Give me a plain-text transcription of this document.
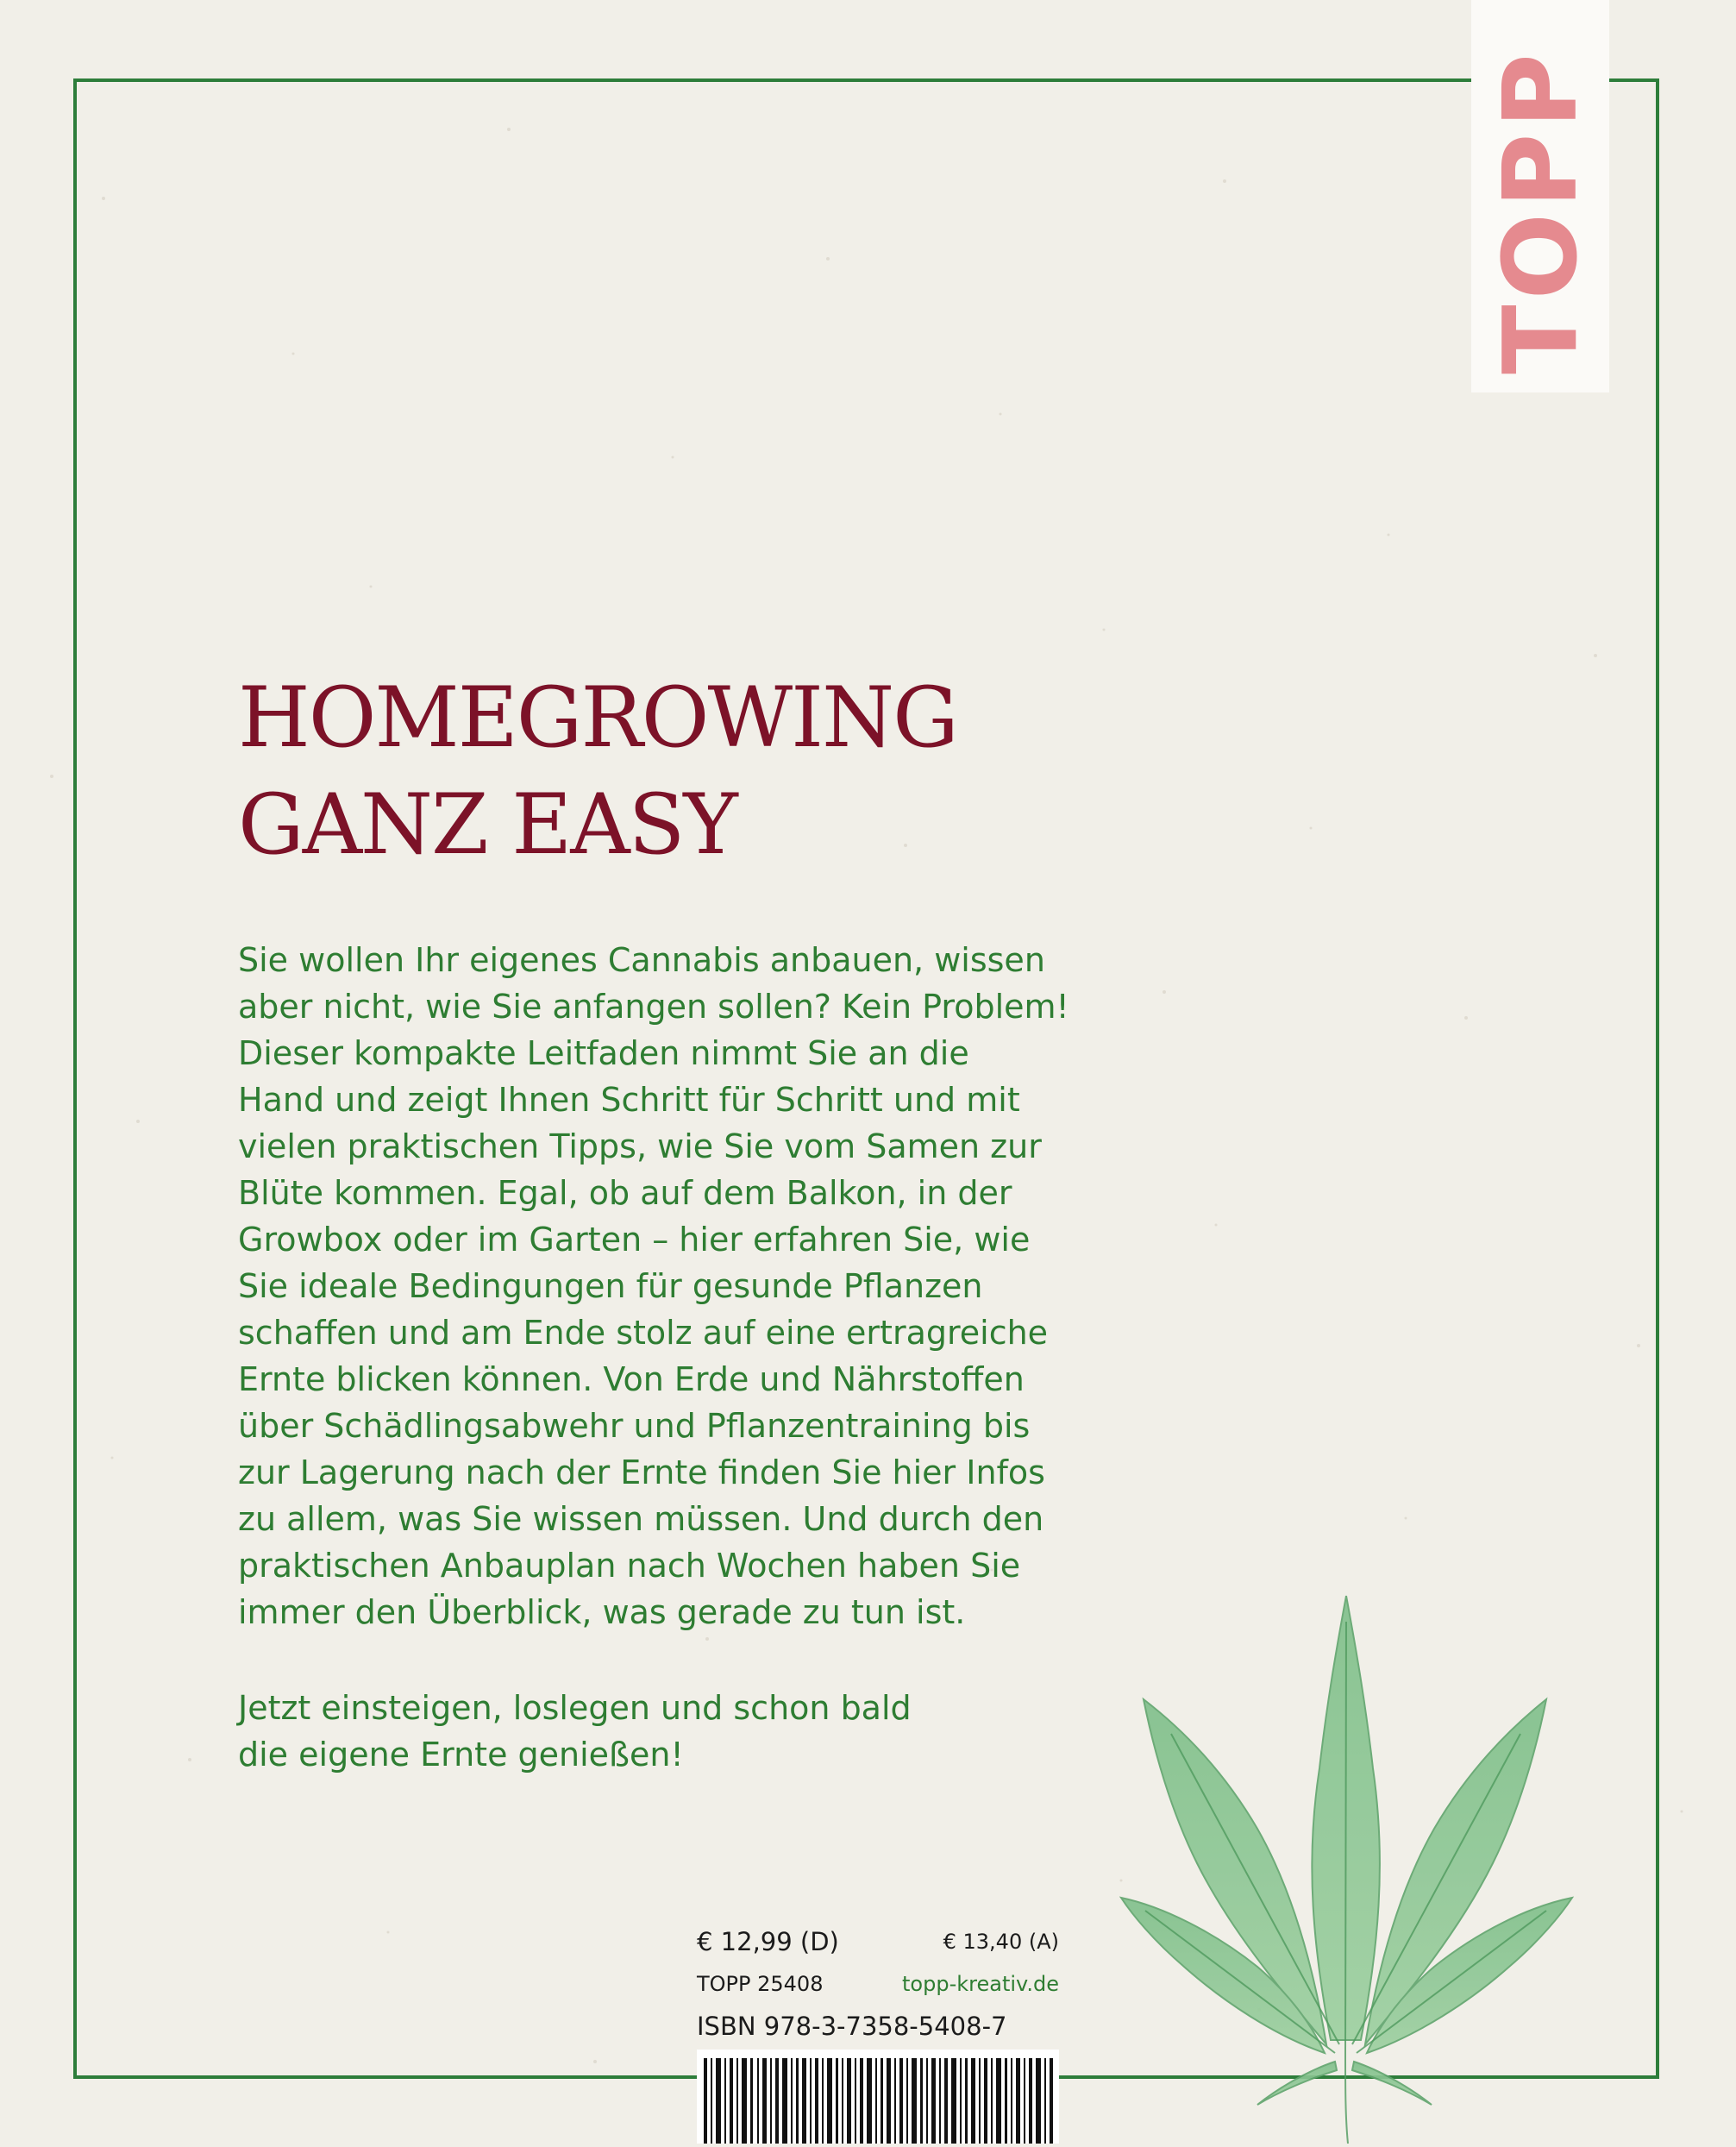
TOPP
HOMEGROWING
GANZ EASY
Sie wollen Ihr eigenes Cannabis anbauen, wissen
aber nicht, wie Sie anfangen sollen? Kein Problem!
Dieser kompakte Leitfaden nimmt Sie an die
Hand und zeigt Ihnen Schritt für Schritt und mit
vielen praktischen Tipps, wie Sie vom Samen zur
Blüte kommen. Egal, ob auf dem Balkon, in der
Growbox oder im Garten – hier erfahren Sie, wie
Sie ideale Bedingungen für gesunde Pflanzen
schaffen und am Ende stolz auf eine ertragreiche
Ernte blicken können. Von Erde und Nährstoffen
über Schädlingsabwehr und Pflanzentraining bis
zur Lagerung nach der Ernte finden Sie hier Infos
zu allem, was Sie wissen müssen. Und durch den
praktischen Anbauplan nach Wochen haben Sie
immer den Überblick, was gerade zu tun ist.
Jetzt einsteigen, loslegen und schon bald
die eigene Ernte genießen!
€ 12,99 (D)	€ 13,40 (A)
TOPP 25408	topp-kreativ.de
ISBN 978-3-7358-5408-7
